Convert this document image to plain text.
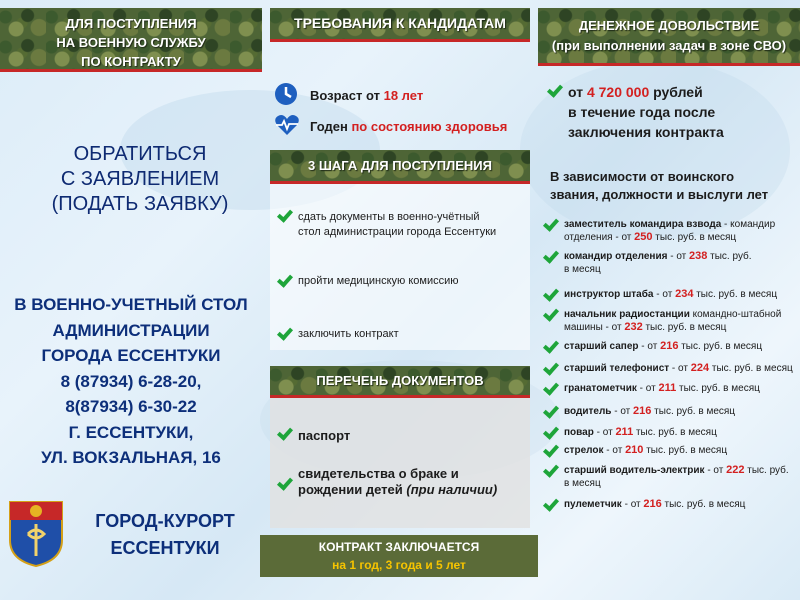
ДЛЯ ПОСТУПЛЕНИЯ
НА ВОЕННУЮ СЛУЖБУ
ПО КОНТРАКТУ
ОБРАТИТЬСЯ
С ЗАЯВЛЕНИЕМ
(ПОДАТЬ ЗАЯВКУ)
В ВОЕННО-УЧЕТНЫЙ СТОЛ
АДМИНИСТРАЦИИ
ГОРОДА ЕССЕНТУКИ
8 (87934) 6-28-20,
8(87934) 6-30-22
Г. ЕССЕНТУКИ,
УЛ. ВОКЗАЛЬНАЯ, 16
ГОРОД-КУРОРТ
ЕССЕНТУКИ
ТРЕБОВАНИЯ К КАНДИДАТАМ
Возраст от 18 лет
Годен по состоянию здоровья
3 ШАГА ДЛЯ ПОСТУПЛЕНИЯ
сдать документы в военно-учётный
стол администрации города Ессентуки
пройти медицинскую комиссию
заключить контракт
ПЕРЕЧЕНЬ ДОКУМЕНТОВ
паспорт
свидетельства о браке и
рождении детей (при наличии)
КОНТРАКТ ЗАКЛЮЧАЕТСЯ
на 1 год, 3 года и 5 лет
ДЕНЕЖНОЕ ДОВОЛЬСТВИЕ
(при выполнении задач в зоне СВО)
от 4 720 000 рублей
в течение года после
заключения контракта
В зависимости от воинского
звания, должности и выслуги лет
заместитель командира взвода - командир
отделения - от 250 тыс. руб. в месяц
командир отделения - от 238 тыс. руб.
в месяц
инструктор штаба - от 234 тыс. руб. в месяц
начальник радиостанции командно-штабной
машины - от 232 тыс. руб. в месяц
старший сапер - от 216 тыс. руб. в месяц
старший телефонист - от 224 тыс. руб. в месяц
гранатометчик - от 211 тыс. руб. в месяц
водитель - от 216 тыс. руб. в месяц
повар - от 211 тыс. руб. в месяц
стрелок - от 210 тыс. руб. в месяц
старший водитель-электрик - от 222 тыс. руб.
в месяц
пулеметчик - от 216 тыс. руб. в месяц
